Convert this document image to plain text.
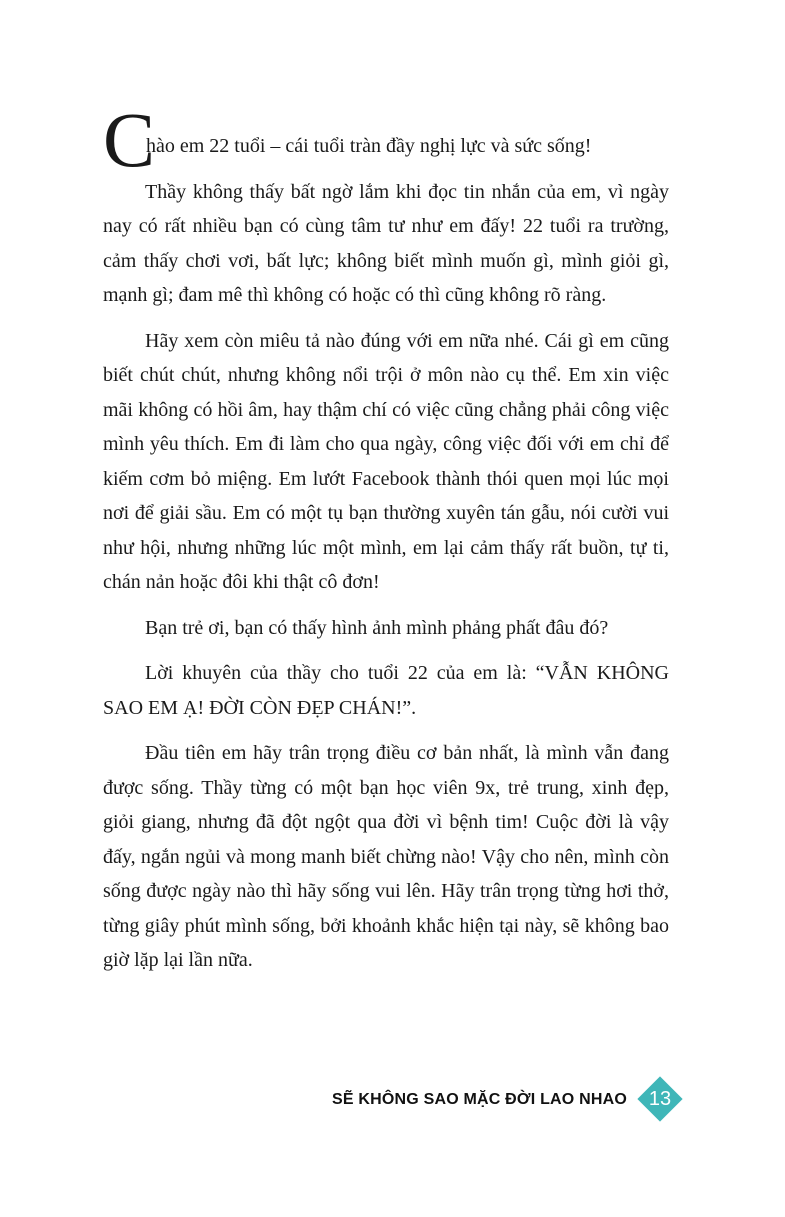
C
hào em 22 tuổi – cái tuổi tràn đầy nghị lực và sức sống!

Thầy không thấy bất ngờ lắm khi đọc tin nhắn của em, vì ngày nay có rất nhiều bạn có cùng tâm tư như em đấy! 22 tuổi ra trường, cảm thấy chơi vơi, bất lực; không biết mình muốn gì, mình giỏi gì, mạnh gì; đam mê thì không có hoặc có thì cũng không rõ ràng.

Hãy xem còn miêu tả nào đúng với em nữa nhé. Cái gì em cũng biết chút chút, nhưng không nổi trội ở môn nào cụ thể. Em xin việc mãi không có hồi âm, hay thậm chí có việc cũng chẳng phải công việc mình yêu thích. Em đi làm cho qua ngày, công việc đối với em chỉ để kiếm cơm bỏ miệng. Em lướt Facebook thành thói quen mọi lúc mọi nơi để giải sầu. Em có một tụ bạn thường xuyên tán gẫu, nói cười vui như hội, nhưng những lúc một mình, em lại cảm thấy rất buồn, tự ti, chán nản hoặc đôi khi thật cô đơn!

Bạn trẻ ơi, bạn có thấy hình ảnh mình phảng phất đâu đó?

Lời khuyên của thầy cho tuổi 22 của em là: “VẪN KHÔNG SAO EM Ạ! ĐỜI CÒN ĐẸP CHÁN!”.

Đầu tiên em hãy trân trọng điều cơ bản nhất, là mình vẫn đang được sống. Thầy từng có một bạn học viên 9x, trẻ trung, xinh đẹp, giỏi giang, nhưng đã đột ngột qua đời vì bệnh tim! Cuộc đời là vậy đấy, ngắn ngủi và mong manh biết chừng nào! Vậy cho nên, mình còn sống được ngày nào thì hãy sống vui lên. Hãy trân trọng từng hơi thở, từng giây phút mình sống, bởi khoảnh khắc hiện tại này, sẽ không bao giờ lặp lại lần nữa.

SẼ KHÔNG SAO MẶC ĐỜI LAO NHAO	13
